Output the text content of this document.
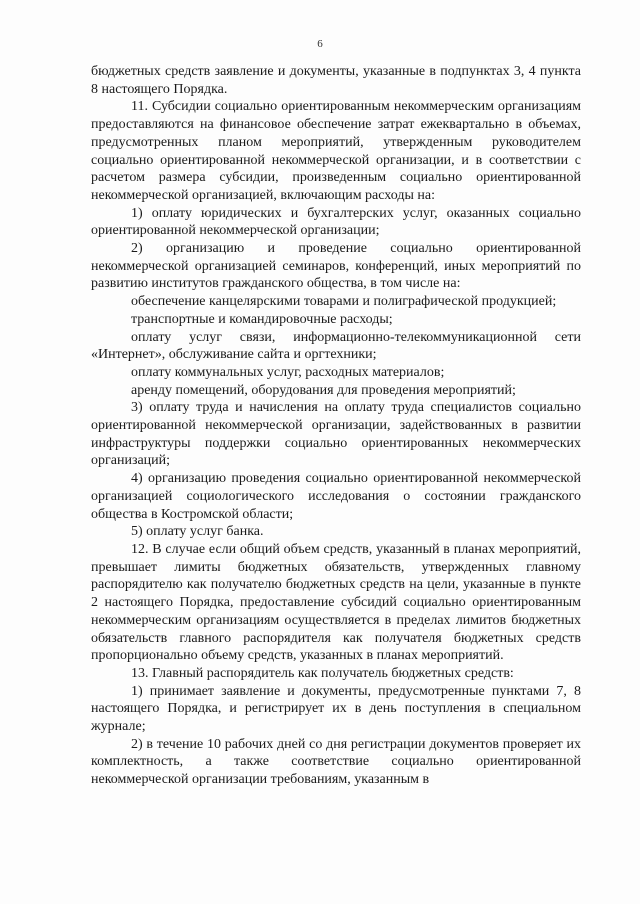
6

бюджетных средств заявление и документы, указанные в подпунктах 3, 4 пункта 8 настоящего Порядка.

11. Субсидии социально ориентированным некоммерческим организациям предоставляются на финансовое обеспечение затрат ежеквартально в объемах, предусмотренных планом мероприятий, утвержденным руководителем социально ориентированной некоммерческой организации, и в соответствии с расчетом размера субсидии, произведенным социально ориентированной некоммерческой организацией, включающим расходы на:

1) оплату юридических и бухгалтерских услуг, оказанных социально ориентированной некоммерческой организации;

2) организацию и проведение социально ориентированной некоммерческой организацией семинаров, конференций, иных мероприятий по развитию институтов гражданского общества, в том числе на:

обеспечение канцелярскими товарами и полиграфической продукцией;

транспортные и командировочные расходы;

оплату услуг связи, информационно-телекоммуникационной сети «Интернет», обслуживание сайта и оргтехники;

оплату коммунальных услуг, расходных материалов;

аренду помещений, оборудования для проведения мероприятий;

3) оплату труда и начисления на оплату труда специалистов социально ориентированной некоммерческой организации, задействованных в развитии инфраструктуры поддержки социально ориентированных некоммерческих организаций;

4) организацию проведения социально ориентированной некоммерческой организацией социологического исследования о состоянии гражданского общества в Костромской области;

5) оплату услуг банка.

12. В случае если общий объем средств, указанный в планах мероприятий, превышает лимиты бюджетных обязательств, утвержденных главному распорядителю как получателю бюджетных средств на цели, указанные в пункте 2 настоящего Порядка, предоставление субсидий социально ориентированным некоммерческим организациям осуществляется в пределах лимитов бюджетных обязательств главного распорядителя как получателя бюджетных средств пропорционально объему средств, указанных в планах мероприятий.

13. Главный распорядитель как получатель бюджетных средств:

1) принимает заявление и документы, предусмотренные пунктами 7, 8 настоящего Порядка, и регистрирует их в день поступления в специальном журнале;

2) в течение 10 рабочих дней со дня регистрации документов проверяет их комплектность, а также соответствие социально ориентированной некоммерческой организации требованиям, указанным в
